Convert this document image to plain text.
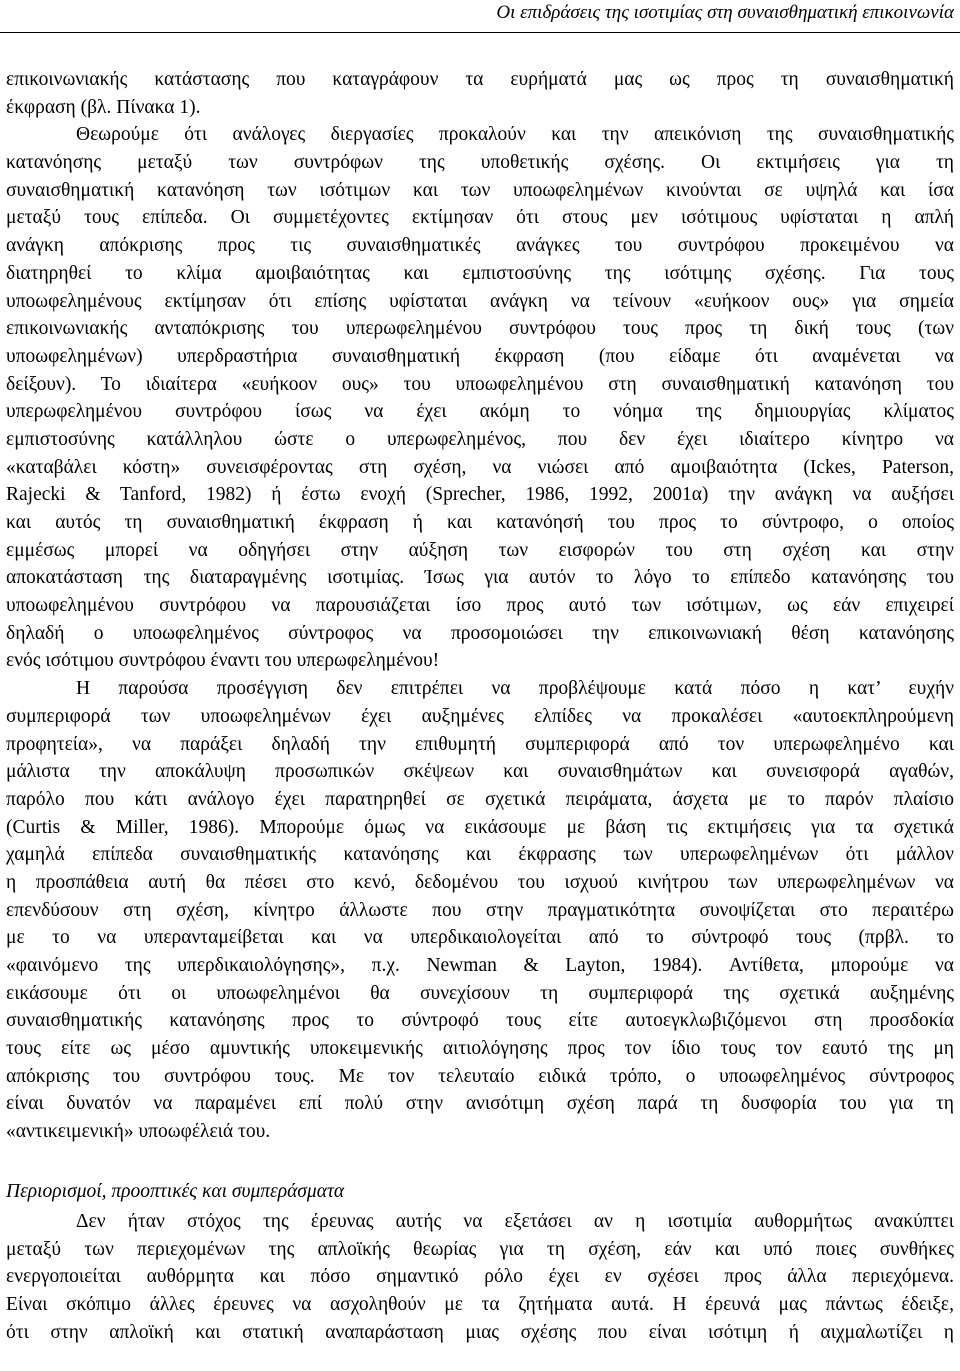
Οι επιδράσεις της ισοτιμίας στη συναισθηματική επικοινωνία
επικοινωνιακής κατάστασης που καταγράφουν τα ευρήματά μας ως προς τη συναισθηματική
έκφραση (βλ. Πίνακα 1).
Θεωρούμε ότι ανάλογες διεργασίες προκαλούν και την απεικόνιση της συναισθηματικής
κατανόησης μεταξύ των συντρόφων της υποθετικής σχέσης. Οι εκτιμήσεις για τη
συναισθηματική κατανόηση των ισότιμων και των υποωφελημένων κινούνται σε υψηλά και ίσα
μεταξύ τους επίπεδα. Οι συμμετέχοντες εκτίμησαν ότι στους μεν ισότιμους υφίσταται η απλή
ανάγκη απόκρισης προς τις συναισθηματικές ανάγκες του συντρόφου προκειμένου να
διατηρηθεί το κλίμα αμοιβαιότητας και εμπιστοσύνης της ισότιμης σχέσης. Για τους
υποωφελημένους εκτίμησαν ότι επίσης υφίσταται ανάγκη να τείνουν «ευήκοον ους» για σημεία
επικοινωνιακής ανταπόκρισης του υπερωφελημένου συντρόφου τους προς τη δική τους (των
υποωφελημένων) υπερδραστήρια συναισθηματική έκφραση (που είδαμε ότι αναμένεται να
δείξουν). Το ιδιαίτερα «ευήκοον ους» του υποωφελημένου στη συναισθηματική κατανόηση του
υπερωφελημένου συντρόφου ίσως να έχει ακόμη το νόημα της δημιουργίας κλίματος
εμπιστοσύνης κατάλληλου ώστε ο υπερωφελημένος, που δεν έχει ιδιαίτερο κίνητρο να
«καταβάλει κόστη» συνεισφέροντας στη σχέση, να νιώσει από αμοιβαιότητα (Ickes, Paterson,
Rajecki & Tanford, 1982) ή έστω ενοχή (Sprecher, 1986, 1992, 2001α) την ανάγκη να αυξήσει
και αυτός τη συναισθηματική έκφραση ή και κατανόησή του προς το σύντροφο, ο οποίος
εμμέσως μπορεί να οδηγήσει στην αύξηση των εισφορών του στη σχέση και στην
αποκατάσταση της διαταραγμένης ισοτιμίας. Ίσως για αυτόν το λόγο το επίπεδο κατανόησης του
υποωφελημένου συντρόφου να παρουσιάζεται ίσο προς αυτό των ισότιμων, ως εάν επιχειρεί
δηλαδή ο υποωφελημένος σύντροφος να προσομοιώσει την επικοινωνιακή θέση κατανόησης
ενός ισότιμου συντρόφου έναντι του υπερωφελημένου!
Η παρούσα προσέγγιση δεν επιτρέπει να προβλέψουμε κατά πόσο η κατ’ ευχήν
συμπεριφορά των υποωφελημένων έχει αυξημένες ελπίδες να προκαλέσει «αυτοεκπληρούμενη
προφητεία», να παράξει δηλαδή την επιθυμητή συμπεριφορά από τον υπερωφελημένο και
μάλιστα την αποκάλυψη προσωπικών σκέψεων και συναισθημάτων και συνεισφορά αγαθών,
παρόλο που κάτι ανάλογο έχει παρατηρηθεί σε σχετικά πειράματα, άσχετα με το παρόν πλαίσιο
(Curtis & Miller, 1986). Μπορούμε όμως να εικάσουμε με βάση τις εκτιμήσεις για τα σχετικά
χαμηλά επίπεδα συναισθηματικής κατανόησης και έκφρασης των υπερωφελημένων ότι μάλλον
η προσπάθεια αυτή θα πέσει στο κενό, δεδομένου του ισχυού κινήτρου των υπερωφελημένων να
επενδύσουν στη σχέση, κίνητρο άλλωστε που στην πραγματικότητα συνοψίζεται στο περαιτέρω
με το να υπερανταμείβεται και να υπερδικαιολογείται από το σύντροφό τους (πρβλ. το
«φαινόμενο της υπερδικαιολόγησης», π.χ. Newman & Layton, 1984). Αντίθετα, μπορούμε να
εικάσουμε ότι οι υποωφελημένοι θα συνεχίσουν τη συμπεριφορά της σχετικά αυξημένης
συναισθηματικής κατανόησης προς το σύντροφό τους είτε αυτοεγκλωβιζόμενοι στη προσδοκία
τους είτε ως μέσο αμυντικής υποκειμενικής αιτιολόγησης προς τον ίδιο τους τον εαυτό της μη
απόκρισης του συντρόφου τους. Με τον τελευταίο ειδικά τρόπο, ο υποωφελημένος σύντροφος
είναι δυνατόν να παραμένει επί πολύ στην ανισότιμη σχέση παρά τη δυσφορία του για τη
«αντικειμενική» υποωφέλειά του.
Περιορισμοί, προοπτικές και συμπεράσματα
Δεν ήταν στόχος της έρευνας αυτής να εξετάσει αν η ισοτιμία αυθορμήτως ανακύπτει
μεταξύ των περιεχομένων της απλοϊκής θεωρίας για τη σχέση, εάν και υπό ποιες συνθήκες
ενεργοποιείται αυθόρμητα και πόσο σημαντικό ρόλο έχει εν σχέσει προς άλλα περιεχόμενα.
Είναι σκόπιμο άλλες έρευνες να ασχοληθούν με τα ζητήματα αυτά. Η έρευνά μας πάντως έδειξε,
ότι στην απλοϊκή και στατική αναπαράσταση μιας σχέσης που είναι ισότιμη ή αιχμαλωτίζει η
